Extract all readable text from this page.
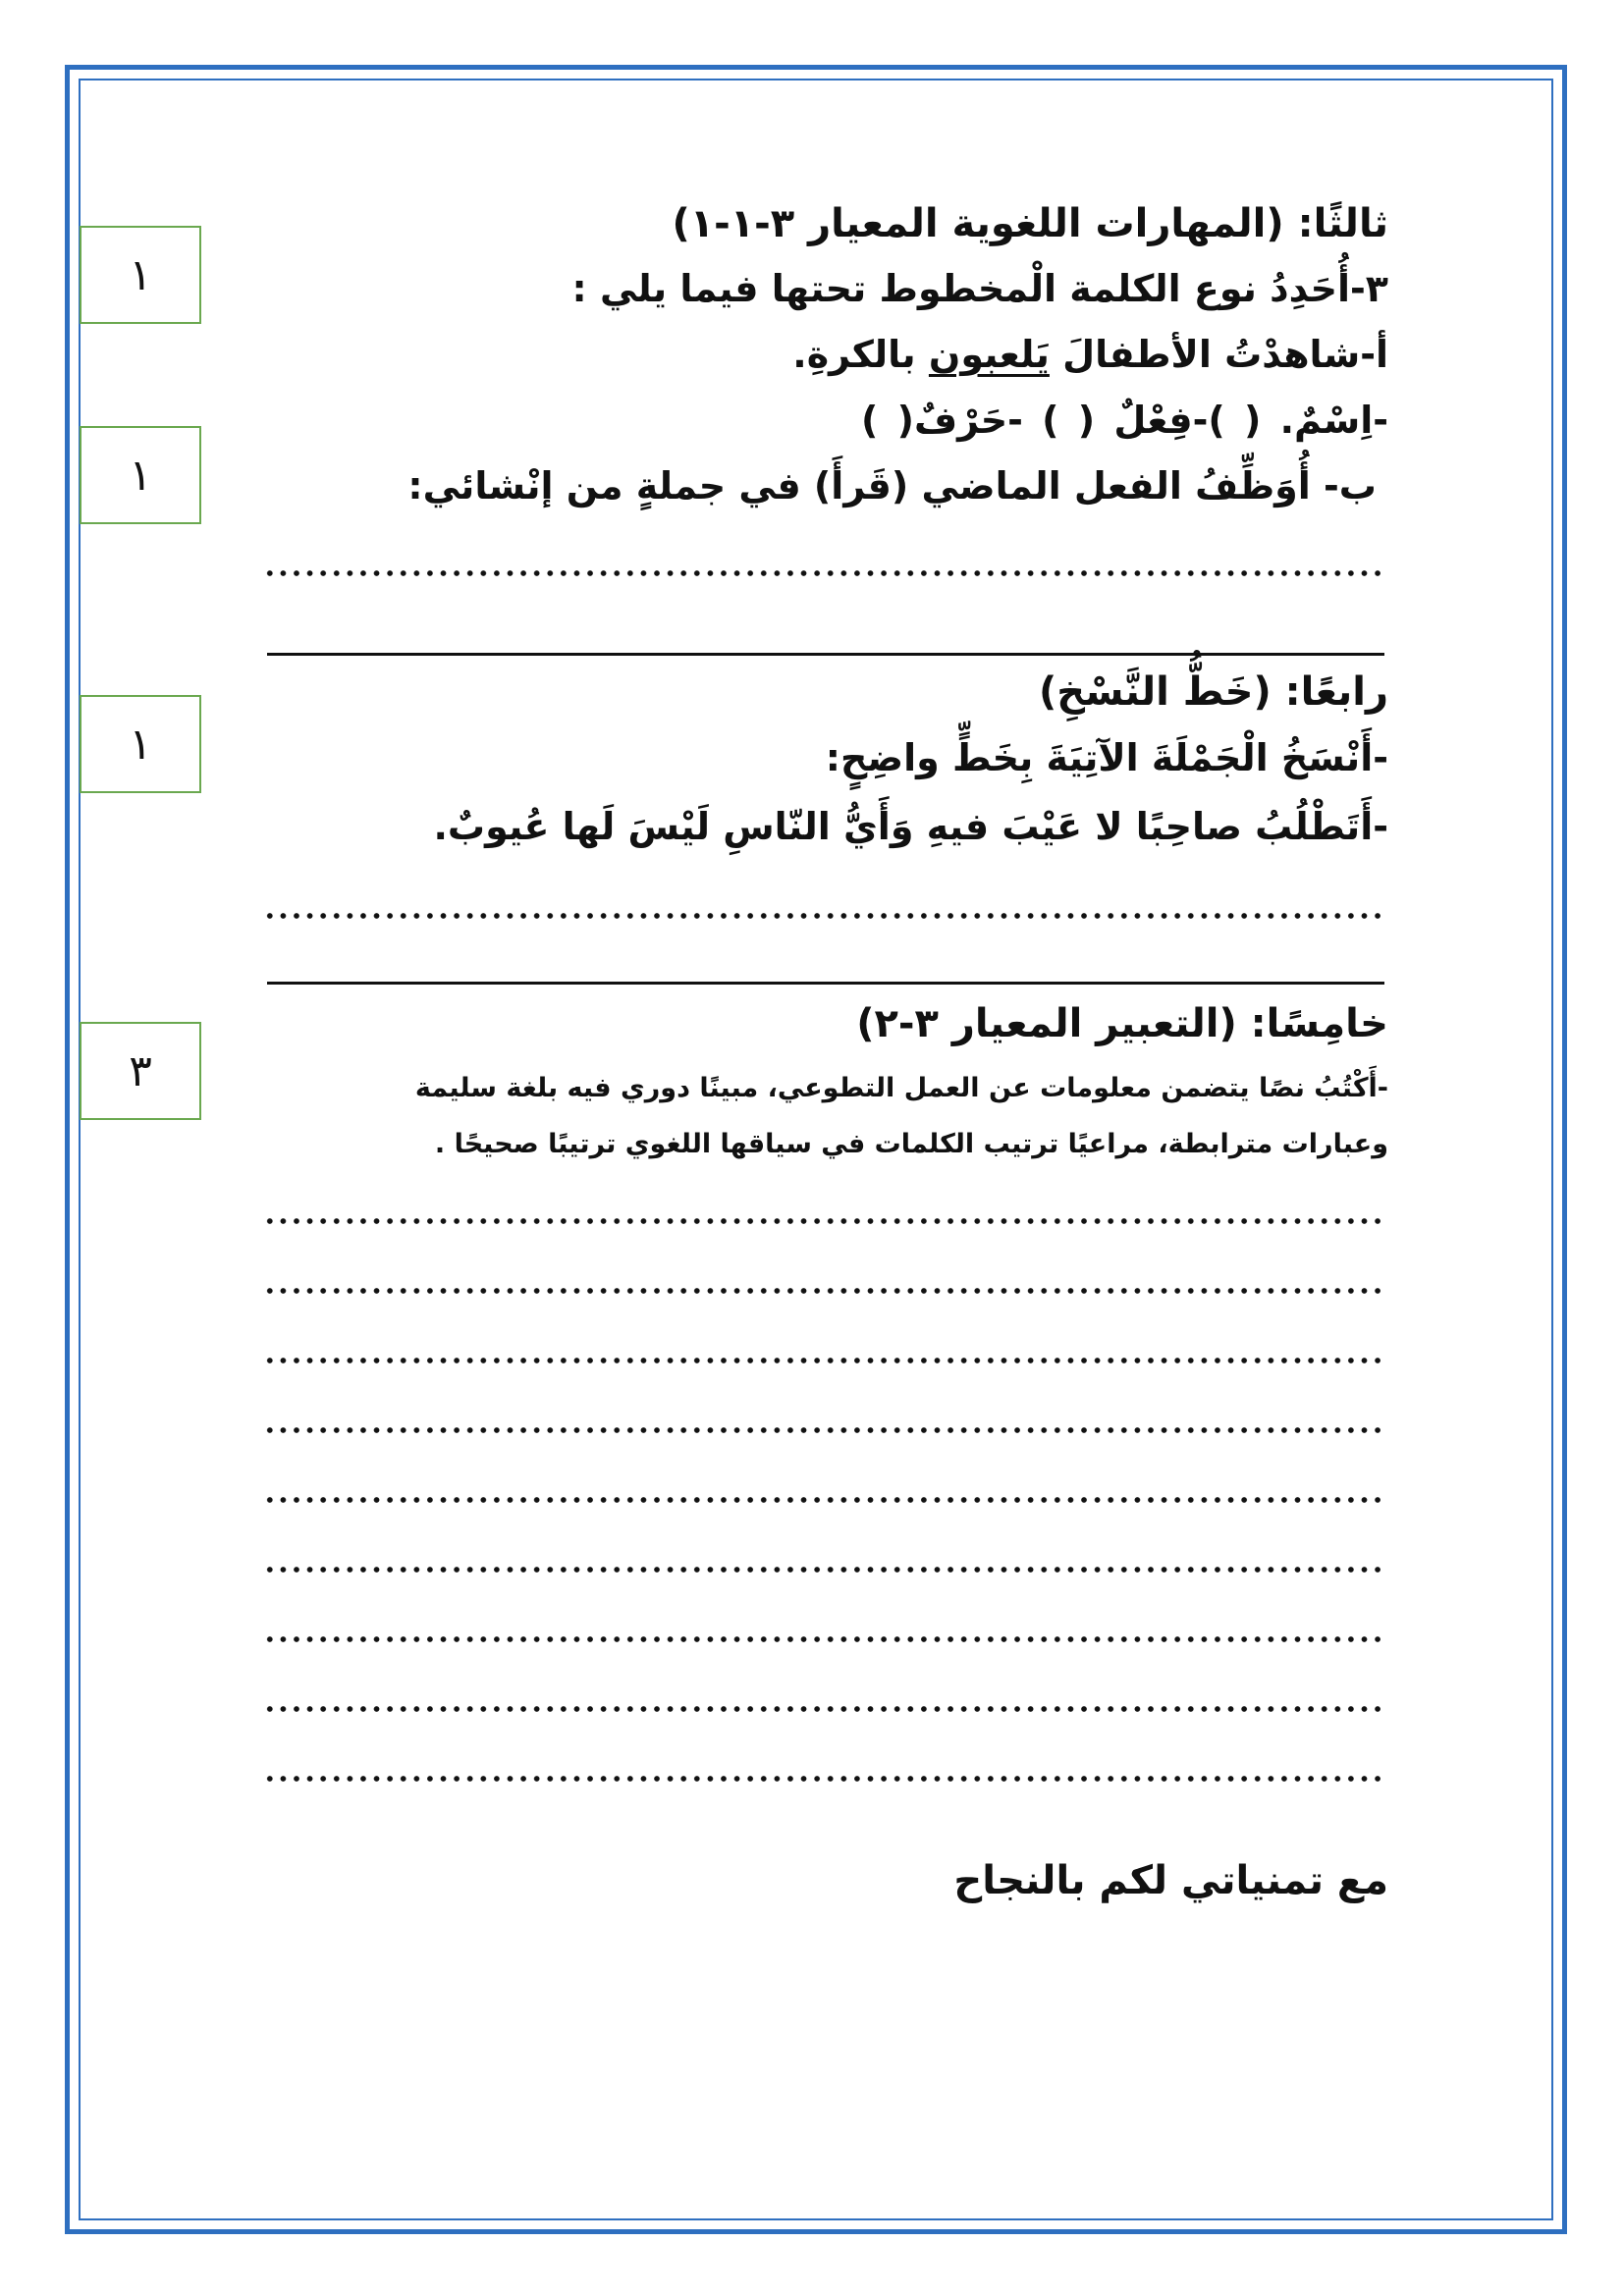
١
١
١
٣
ثالثًا: (المهارات اللغوية المعيار ٣-١-١)
٣-أُحَدِدُ نوع الكلمة الْمخطوط تحتها فيما يلي :
أ-شاهدْتُ الأطفالَ يَلعبون بالكرةِ.
-اِسْمٌ. ( )-فِعْلٌ ( ) -حَرْفٌ( )
ب- أُوَظِّفُ الفعل الماضي (قَرأَ) في جملةٍ من إنْشائي:
رابعًا: (خَطُّ النَّسْخِ)
-أَنْسَخُ الْجَمْلَةَ الآتِيَةَ بِخَطٍّ واضِحٍ:
-أَتَطْلُبُ صاحِبًا لا عَيْبَ فيهِ وَأَيُّ النّاسِ لَيْسَ لَها عُيوبٌ.
خامِسًا: (التعبير المعيار ٣-٢)
-أَكْتُبُ نصًا يتضمن معلومات عن العمل التطوعي، مبينًا دوري فيه بلغة سليمة
وعبارات مترابطة، مراعيًا ترتيب الكلمات في سياقها اللغوي ترتيبًا صحيحًا .
مع تمنياتي لكم بالنجاح
